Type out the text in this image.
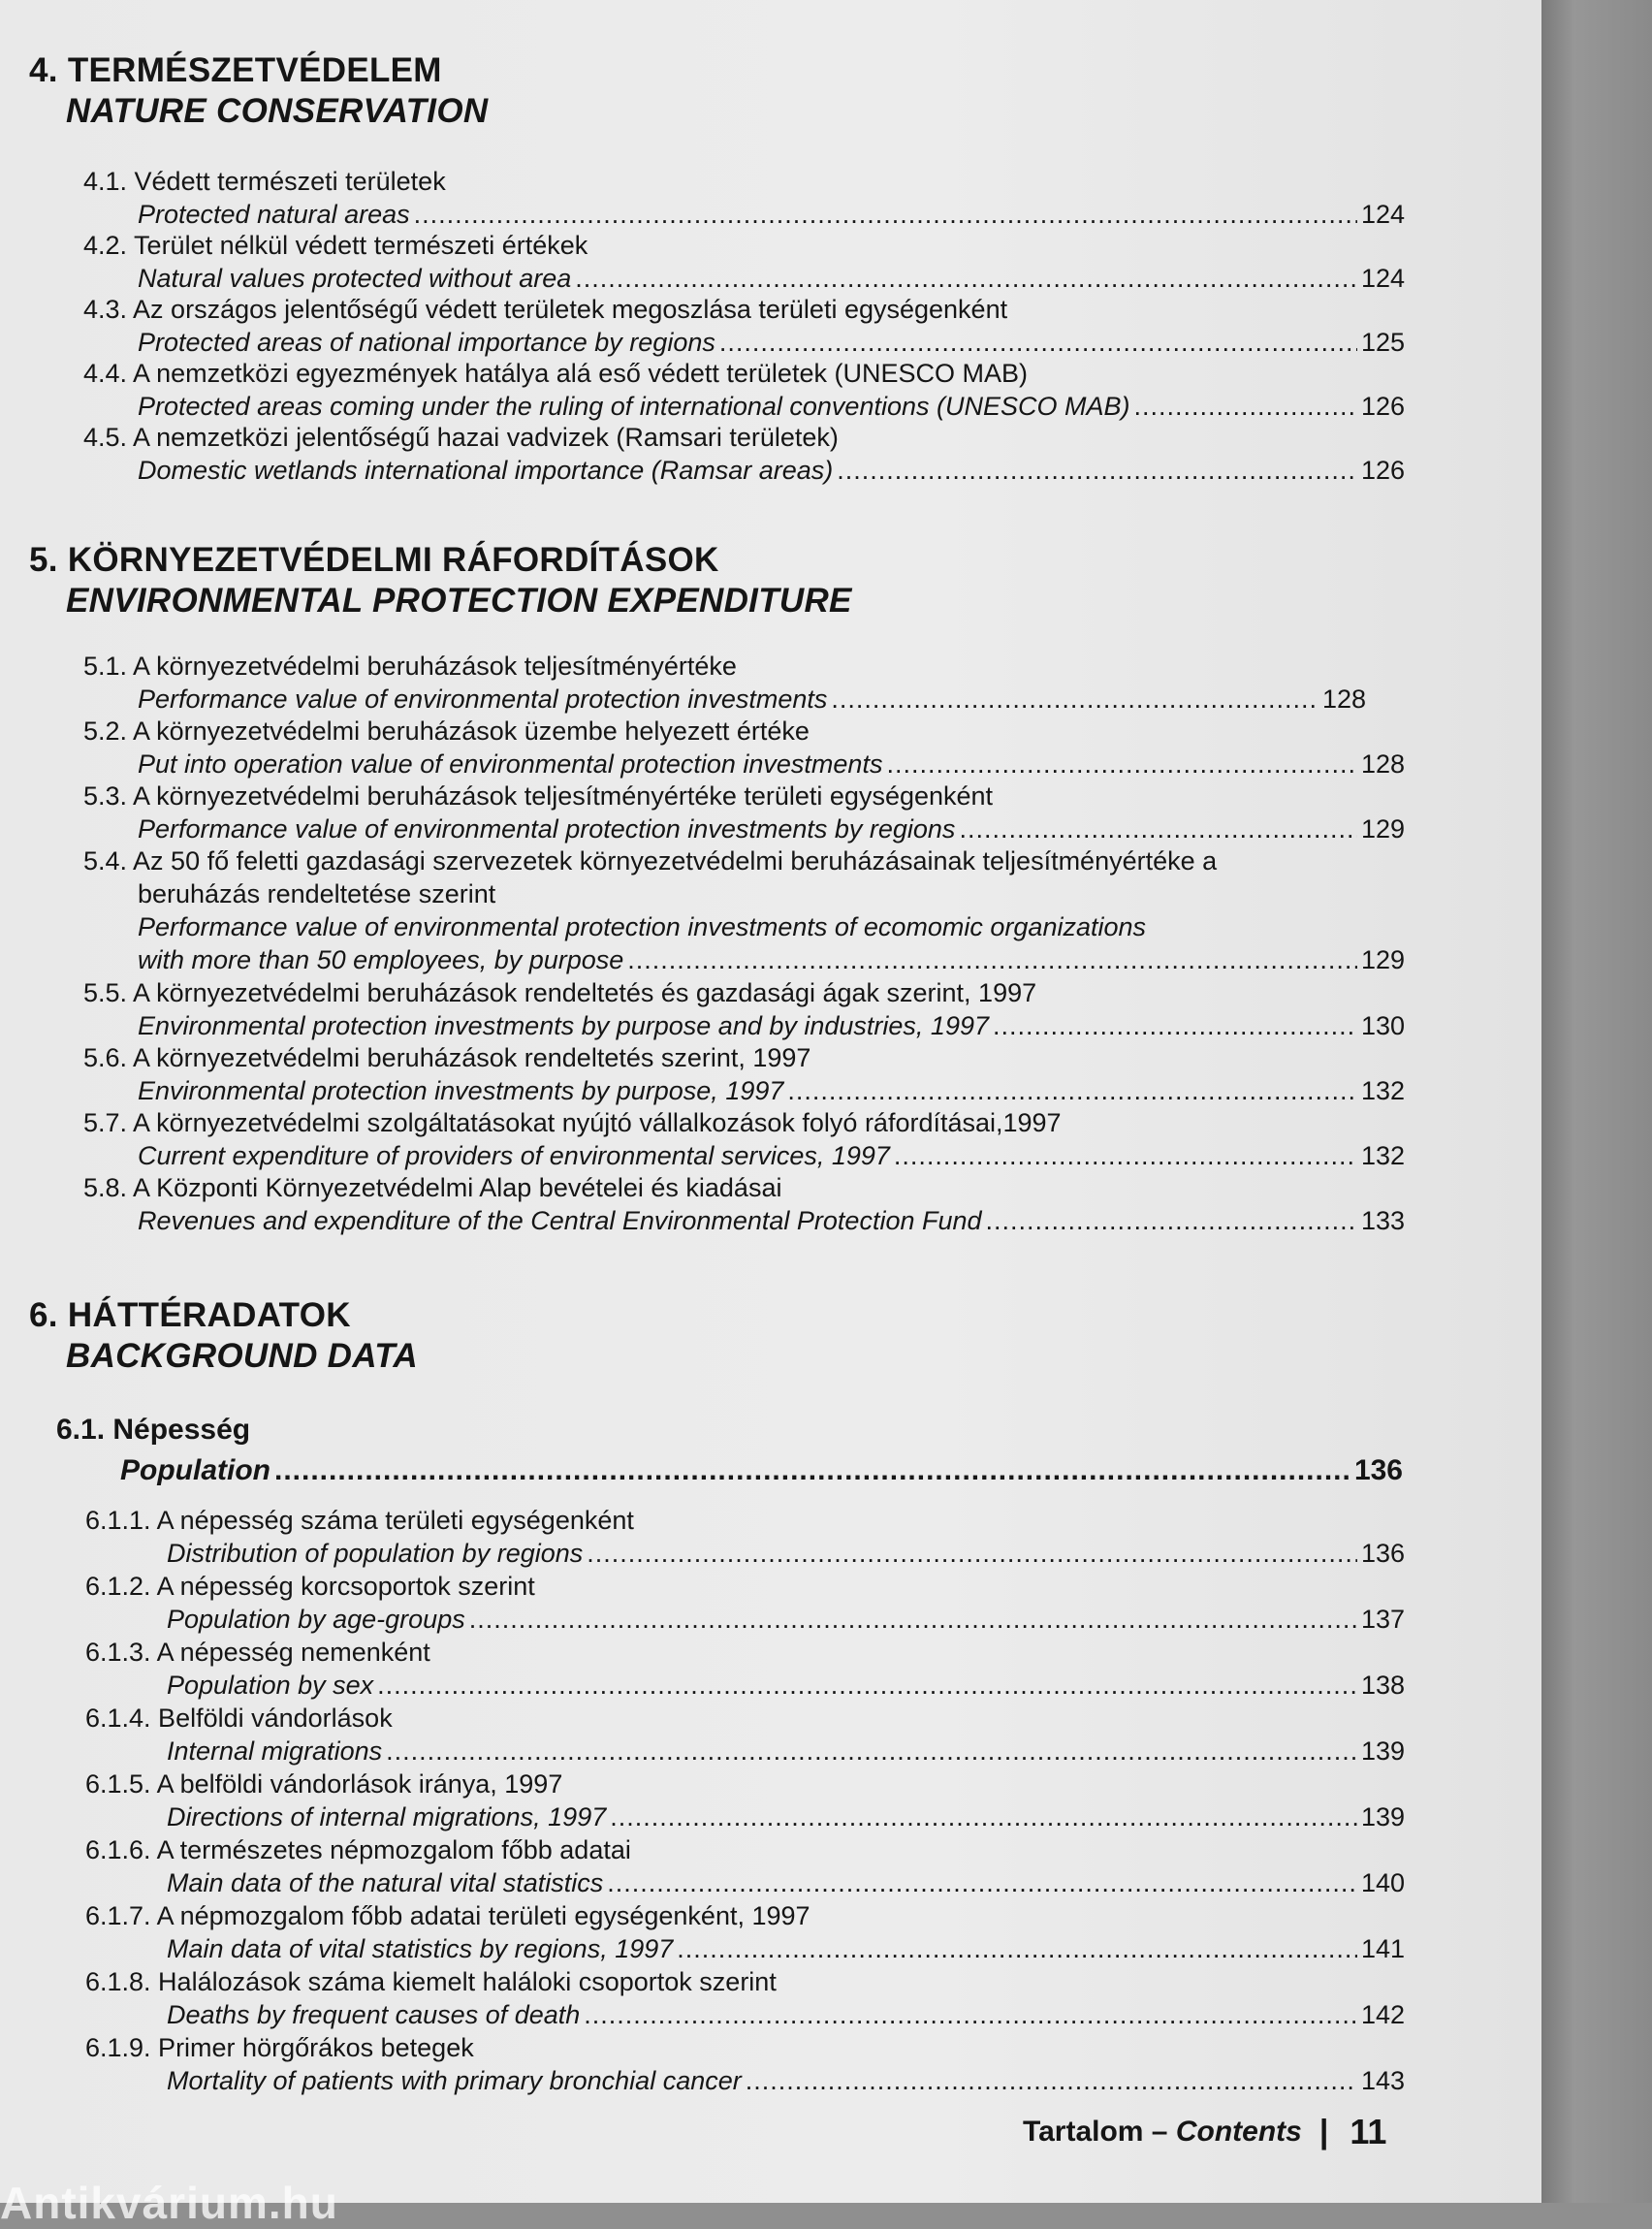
4. TERMÉSZETVÉDELEM
NATURE CONSERVATION
4.1. Védett természeti területek
Protected natural areas .....	124
4.2. Terület nélkül védett természeti értékek
Natural values protected without area .....	124
4.3. Az országos jelentőségű védett területek megoszlása területi egységenként
Protected areas of national importance by regions .....	125
4.4. A nemzetközi egyezmények hatálya alá eső védett területek (UNESCO MAB)
Protected areas coming under the ruling of international conventions (UNESCO MAB) .....	126
4.5. A nemzetközi jelentőségű hazai vadvizek (Ramsari területek)
Domestic wetlands international importance (Ramsar areas) .....	126
5. KÖRNYEZETVÉDELMI RÁFORDÍTÁSOK
ENVIRONMENTAL PROTECTION EXPENDITURE
5.1. A környezetvédelmi beruházások teljesítményértéke
Performance value of environmental protection investments .....	128
5.2. A környezetvédelmi beruházások üzembe helyezett értéke
Put into operation value of environmental protection investments .....	128
5.3. A környezetvédelmi beruházások teljesítményértéke területi egységenként
Performance value of environmental protection investments by regions .....	129
5.4. Az 50 fő feletti gazdasági szervezetek környezetvédelmi beruházásainak teljesítményértéke a
beruházás rendeltetése szerint
Performance value of environmental protection investments of ecomomic organizations
with more than 50 employees, by purpose .....	129
5.5. A környezetvédelmi beruházások rendeltetés és gazdasági ágak szerint, 1997
Environmental protection investments by purpose and by industries, 1997 .....	130
5.6. A környezetvédelmi beruházások rendeltetés szerint, 1997
Environmental protection investments by purpose, 1997 .....	132
5.7. A környezetvédelmi szolgáltatásokat nyújtó vállalkozások folyó ráfordításai,1997
Current expenditure of providers of environmental services, 1997 .....	132
5.8. A Központi Környezetvédelmi Alap bevételei és kiadásai
Revenues and expenditure of the Central Environmental Protection Fund .....	133
6. HÁTTÉRADATOK
BACKGROUND DATA
6.1. Népesség
Population .....	136
6.1.1. A népesség száma területi egységenként
Distribution of population by regions .....	136
6.1.2. A népesség korcsoportok szerint
Population by age-groups .....	137
6.1.3. A népesség nemenként
Population by sex .....	138
6.1.4. Belföldi vándorlások
Internal migrations .....	139
6.1.5. A belföldi vándorlások iránya, 1997
Directions of internal migrations, 1997 .....	139
6.1.6. A természetes népmozgalom főbb adatai
Main data of the natural vital statistics .....	140
6.1.7. A népmozgalom főbb adatai területi egységenként, 1997
Main data of vital statistics by regions, 1997 .....	141
6.1.8. Halálozások száma kiemelt haláloki csoportok szerint
Deaths by frequent causes of death .....	142
6.1.9. Primer hörgőrákos betegek
Mortality of patients with primary bronchial cancer .....	143
Tartalom – Contents | 11
Antikvárium.hu
